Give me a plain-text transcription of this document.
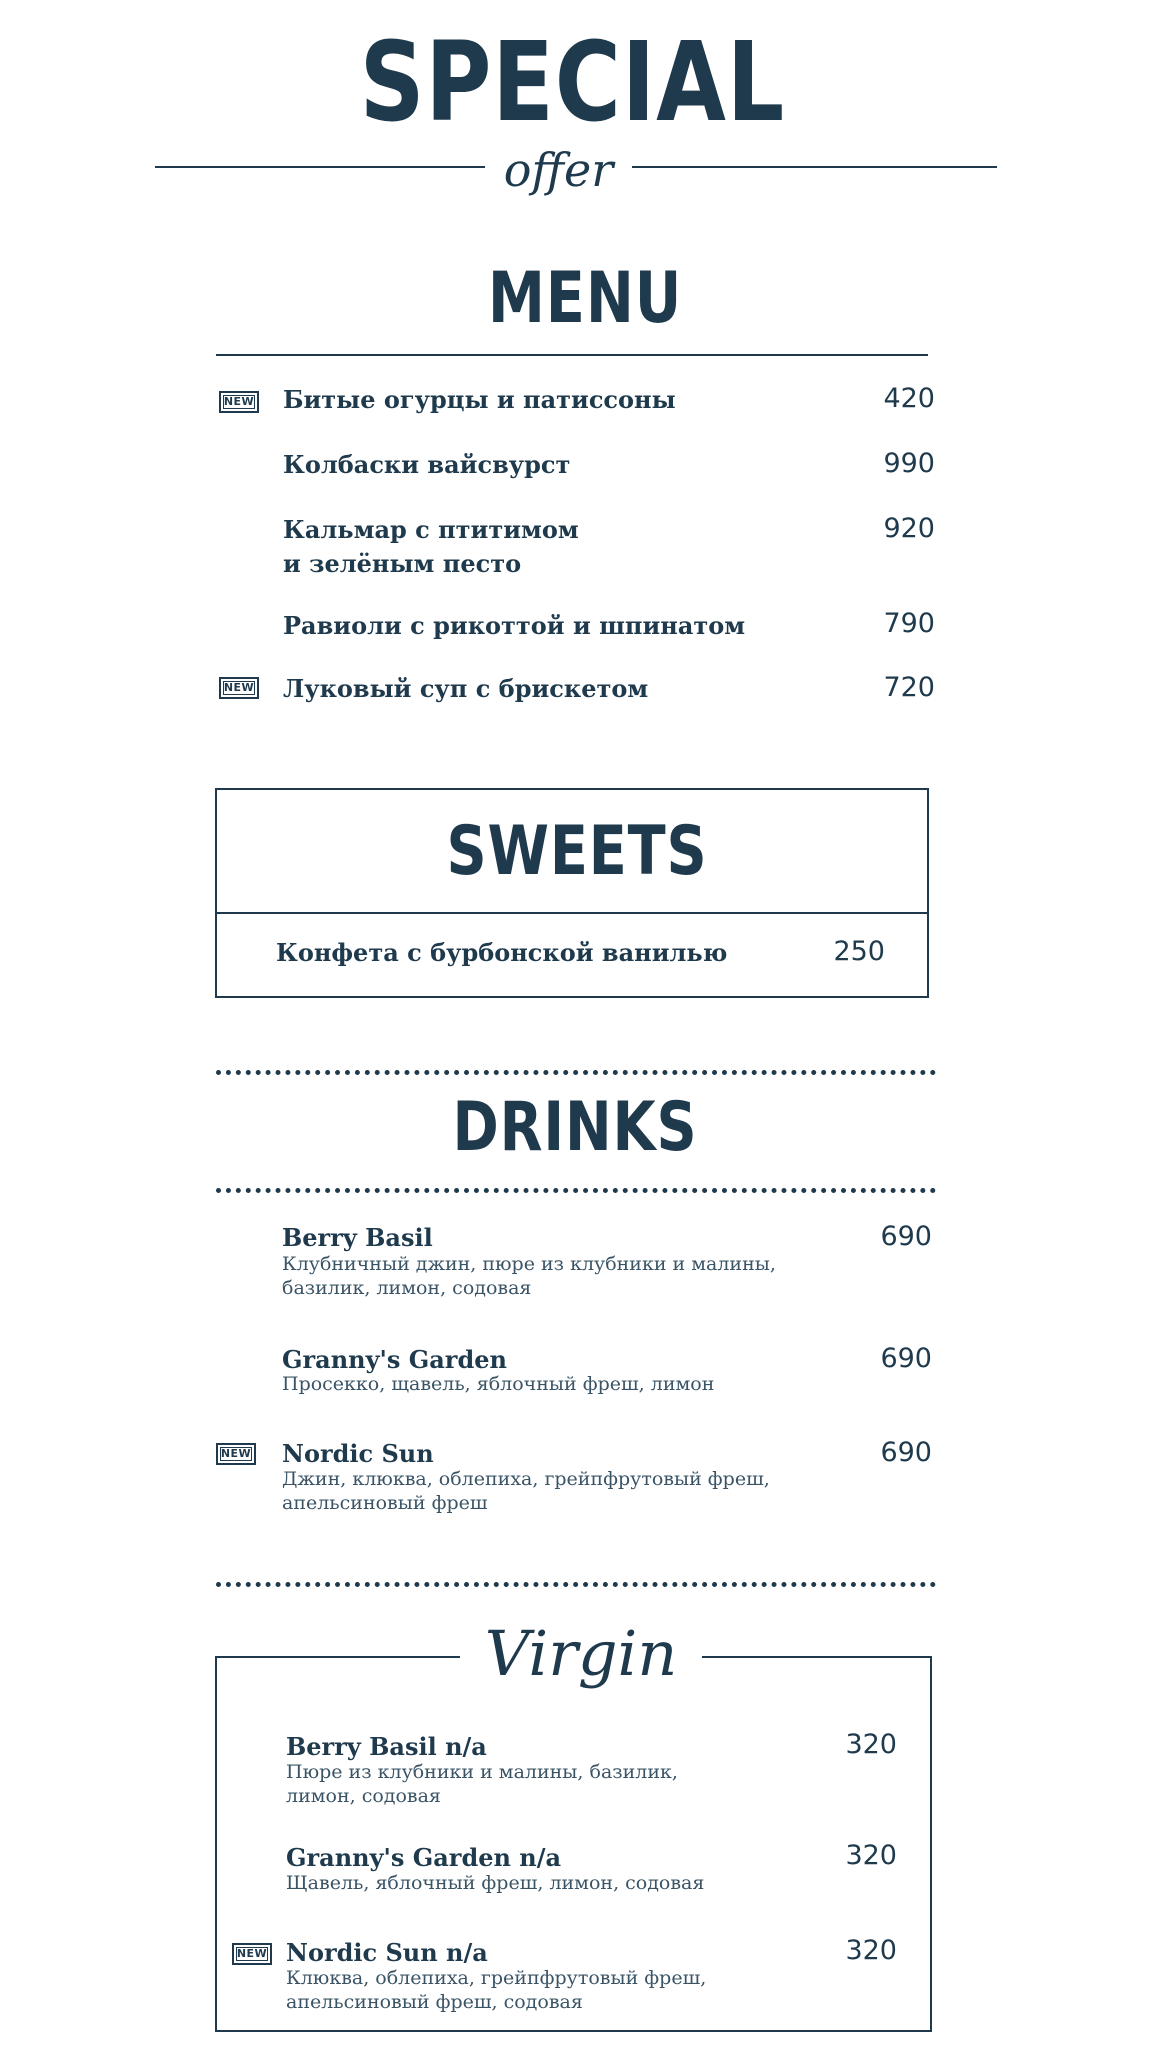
SPECIAL
offer
MENU
NEW Битые огурцы и патиссоны	420
Колбаски вайсвурст	990
Кальмар с птитимом
и зелёным песто
920
Равиоли с рикоттой и шпинатом	790
NEW Луковый суп с брискетом	720
SWEETS
Конфета с бурбонской ванилью	250
DRINKS
Berry Basil
Клубничный джин, пюре из клубники и малины,
базилик, лимон, содовая
690
Granny's Garden
Просекко, щавель, яблочный фреш, лимон
690
NEW Nordic Sun
Джин, клюква, облепиха, грейпфрутовый фреш,
апельсиновый фреш
690
Virgin
Berry Basil n/a
Пюре из клубники и малины, базилик,
лимон, содовая
320
Granny's Garden n/a
Щавель, яблочный фреш, лимон, содовая
320
NEW Nordic Sun n/a
Клюква, облепиха, грейпфрутовый фреш,
апельсиновый фреш, содовая
320
